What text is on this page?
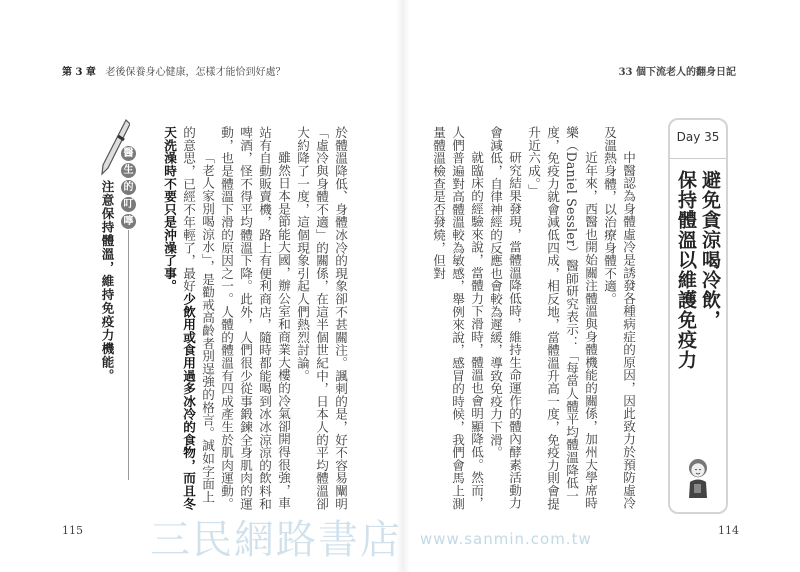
第 3 章 老後保養身心健康，怎樣才能恰到好處？	33 個下流老人的翻身日記
115	114
Day 35
避免貪涼喝冷飲，
保持體溫以維護免疫力

中醫認為身體虛冷是誘發各種病症的原因，因此致力於預防虛冷及溫熱身體，以治療身體不適。

近年來，西醫也開始關注體溫與身體機能的關係，加州大學席時樂（Daniel Sessler）醫師研究表示：「每當人體平均體溫降低一度，免疫力就會減低四成，相反地，當體溫升高一度，免疫力則會提升近六成。」

研究結果發現，當體溫降低時，維持生命運作的體內酵素活動力會減低，自律神經的反應也會較為遲緩，導致免疫力下滑。

就臨床的經驗來說，當體力下滑時，體溫也會明顯降低。然而，人們普遍對高體溫較為敏感，舉例來說，感冒的時候，我們會馬上測量體溫檢查是否發燒，但對

於體溫降低、身體冰冷的現象卻不甚關注。諷刺的是，好不容易闡明「虛冷與身體不適」的關係，在這半個世紀中，日本人的平均體溫卻大約降了一度，這個現象引起人們熱烈討論。

雖然日本是節能大國，辦公室和商業大樓的冷氣卻開得很強，車站有自動販賣機，路上有便利商店，隨時都能喝到冰冰涼涼的飲料和啤酒，怪不得平均體溫下降。此外，人們很少從事鍛鍊全身肌肉的運動，也是體溫下滑的原因之一。人體的體溫有四成產生於肌肉運動。

「老人家別喝涼水」，是勸戒高齡者別逞強的格言。誠如字面上的意思，已經不年輕了，最好少飲用或食用過多冰冷的食物，而且冬天洗澡時不要只是沖澡了事。

醫
生
的
叮
嚀
注意保持體溫，維持免疫力機能。
三民網路書店 www.sanmin.com.tw
